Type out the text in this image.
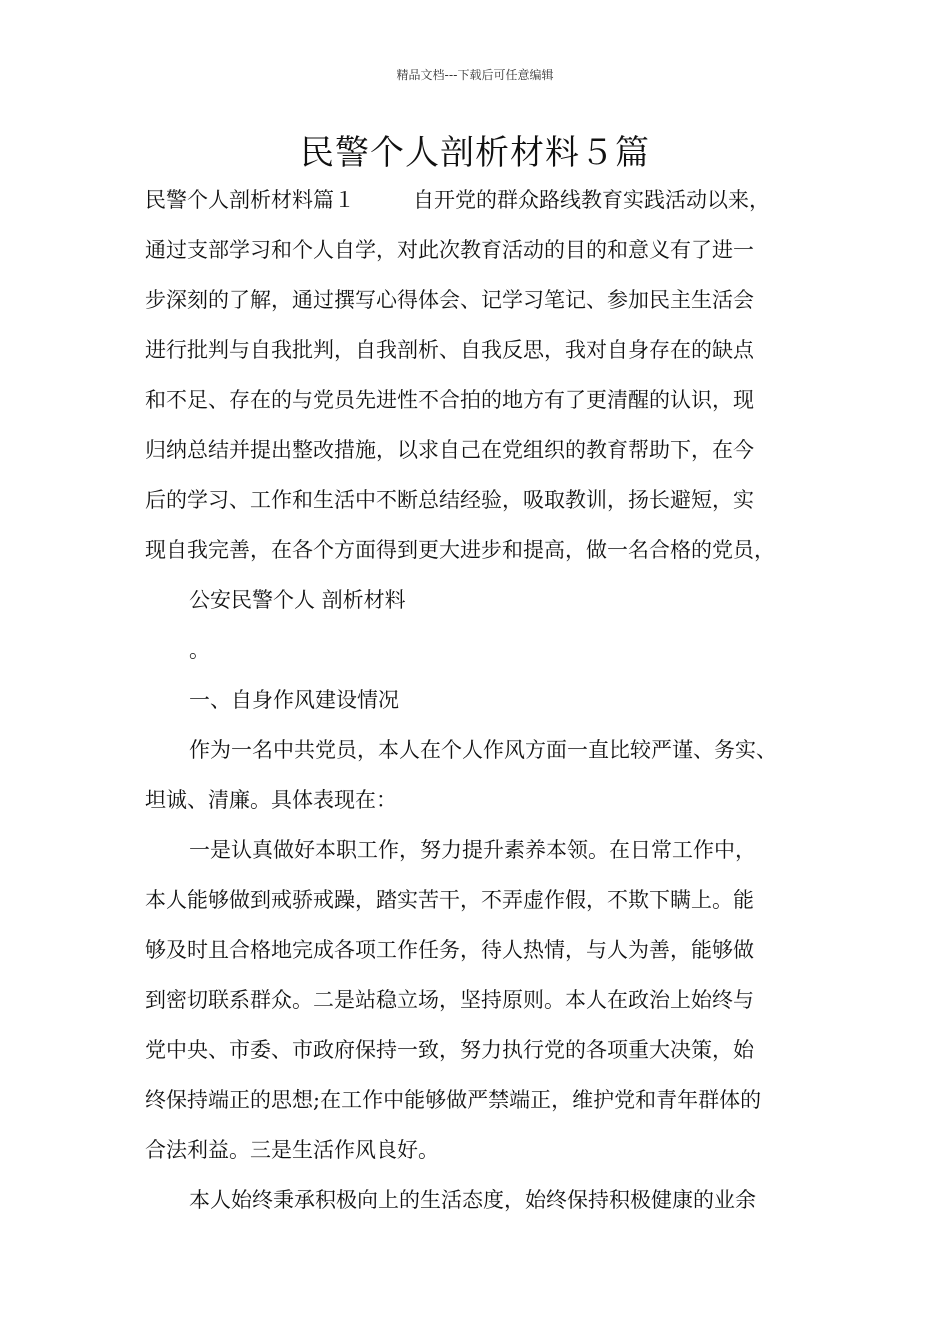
精品文档---下载后可任意编辑
民警个人剖析材料５篇
民警个人剖析材料篇１	自开党的群众路线教育实践活动以来，
通过支部学习和个人自学，对此次教育活动的目的和意义有了进一
步深刻的了解，通过撰写心得体会、记学习笔记、参加民主生活会
进行批判与自我批判，自我剖析、自我反思，我对自身存在的缺点
和不足、存在的与党员先进性不合拍的地方有了更清醒的认识，现
归纳总结并提出整改措施，以求自己在党组织的教育帮助下，在今
后的学习、工作和生活中不断总结经验，吸取教训，扬长避短，实
现自我完善，在各个方面得到更大进步和提高，做一名合格的党员，
公安民警个人 剖析材料
。
一、自身作风建设情况
作为一名中共党员，本人在个人作风方面一直比较严谨、务实、
坦诚、清廉。具体表现在：
一是认真做好本职工作，努力提升素养本领。在日常工作中，
本人能够做到戒骄戒躁，踏实苦干，不弄虚作假，不欺下瞒上。能
够及时且合格地完成各项工作任务，待人热情，与人为善，能够做
到密切联系群众。二是站稳立场，坚持原则。本人在政治上始终与
党中央、市委、市政府保持一致，努力执行党的各项重大决策，始
终保持端正的思想;在工作中能够做严禁端正，维护党和青年群体的
合法利益。三是生活作风良好。
本人始终秉承积极向上的生活态度，始终保持积极健康的业余
